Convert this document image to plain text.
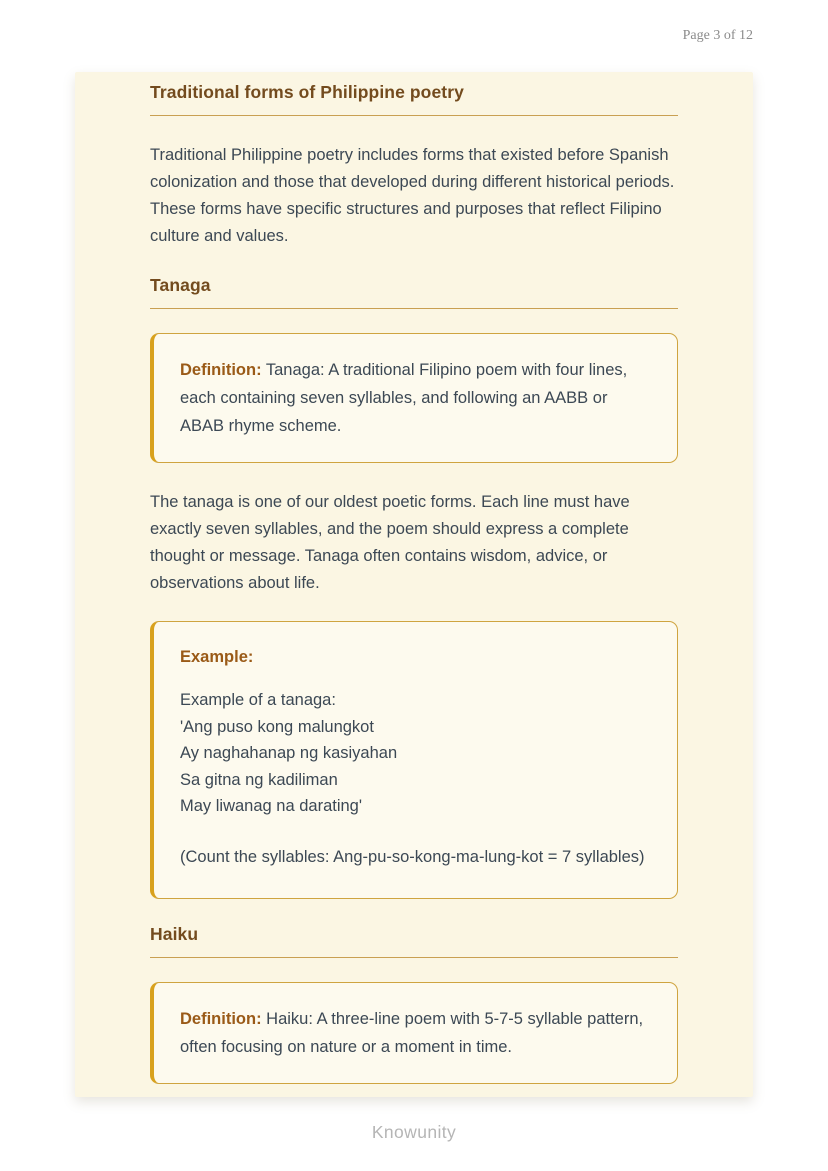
Page 3 of 12
Traditional forms of Philippine poetry

Traditional Philippine poetry includes forms that existed before Spanish colonization and those that developed during different historical periods. These forms have specific structures and purposes that reflect Filipino culture and values.

Tanaga

Definition: Tanaga: A traditional Filipino poem with four lines, each containing seven syllables, and following an AABB or ABAB rhyme scheme.

The tanaga is one of our oldest poetic forms. Each line must have exactly seven syllables, and the poem should express a complete thought or message. Tanaga often contains wisdom, advice, or observations about life.

Example:
Example of a tanaga:
'Ang puso kong malungkot
Ay naghahanap ng kasiyahan
Sa gitna ng kadiliman
May liwanag na darating'
(Count the syllables: Ang-pu-so-kong-ma-lung-kot = 7 syllables)
Haiku

Definition: Haiku: A three-line poem with 5-7-5 syllable pattern, often focusing on nature or a moment in time.

Knowunity
